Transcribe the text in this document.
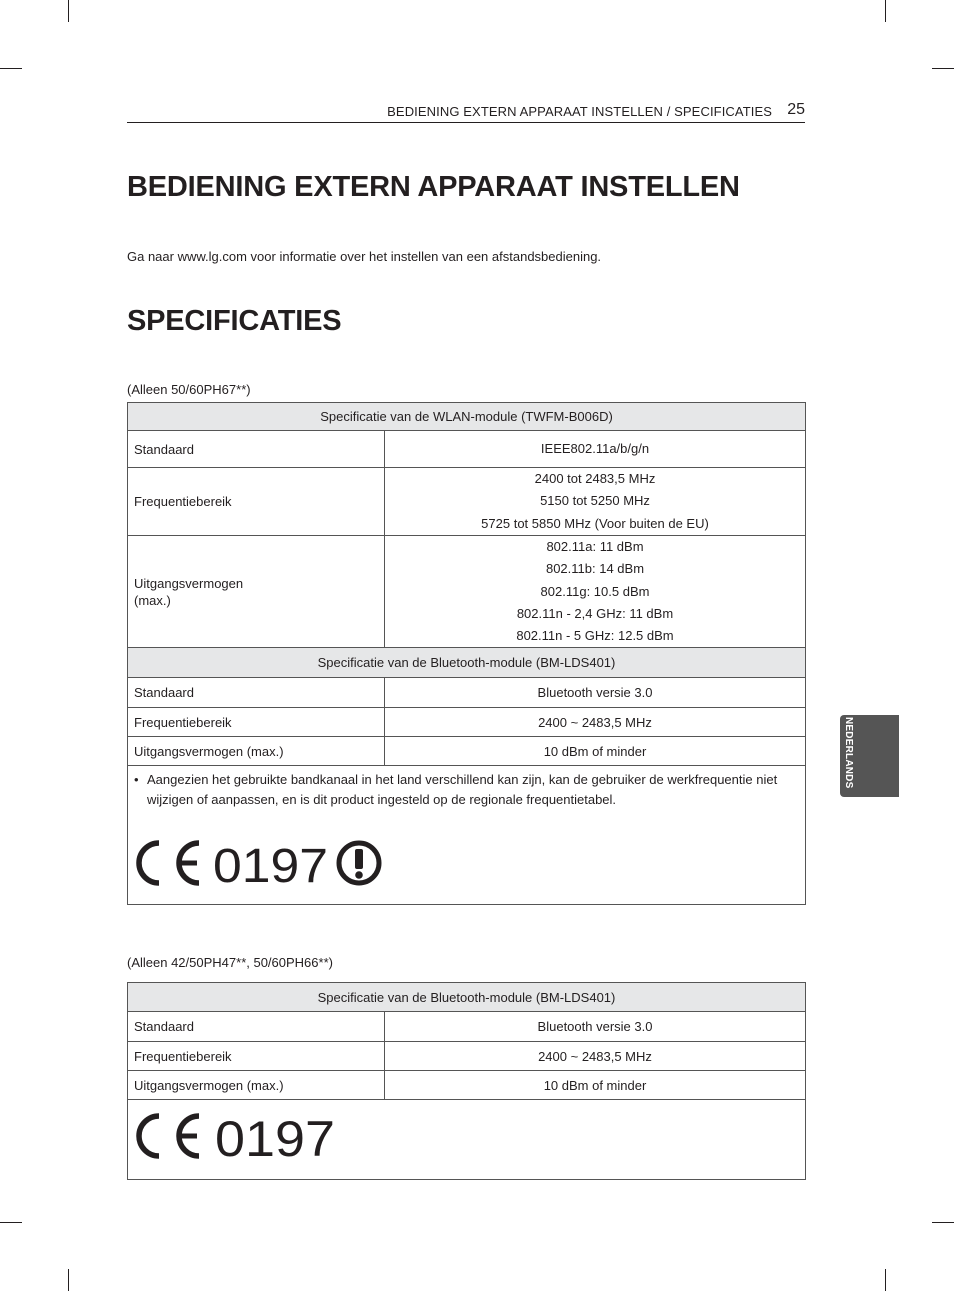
BEDIENING EXTERN APPARAAT INSTELLEN / SPECIFICATIES 25
BEDIENING EXTERN APPARAAT INSTELLEN

Ga naar www.lg.com voor informatie over het instellen van een afstandsbediening.

SPECIFICATIES

(Alleen 50/60PH67**)

Specificatie van de WLAN-module (TWFM-B006D)	
Standaard	IEEE802.11a/b/g/n

Frequentiebereik	2400 tot 2483,5 MHz
5150 tot 5250 MHz
5725 tot 5850 MHz (Voor buiten de EU)

Uitgangsvermogen
(max.)	802.11a: 11 dBm
802.11b: 14 dBm
802.11g: 10.5 dBm
802.11n - 2,4 GHz: 11 dBm
802.11n - 5 GHz: 12.5 dBm

Specificatie van de Bluetooth-module (BM-LDS401)	
Standaard	Bluetooth versie 3.0
Frequentiebereik	2400 ~ 2483,5 MHz
Uitgangsvermogen (max.)	10 dBm of minder

• Aangezien het gebruikte bandkanaal in het land verschillend kan zijn, kan de gebruiker de werkfrequentie niet wijzigen of aanpassen, en is dit product ingesteld op de regionale frequentietabel.
0197	

(Alleen 42/50PH47**, 50/60PH66**)

Specificatie van de Bluetooth-module (BM-LDS401)	
Standaard	Bluetooth versie 3.0
Frequentiebereik	2400 ~ 2483,5 MHz
Uitgangsvermogen (max.)	10 dBm of minder

0197	
NEDERLANDS
